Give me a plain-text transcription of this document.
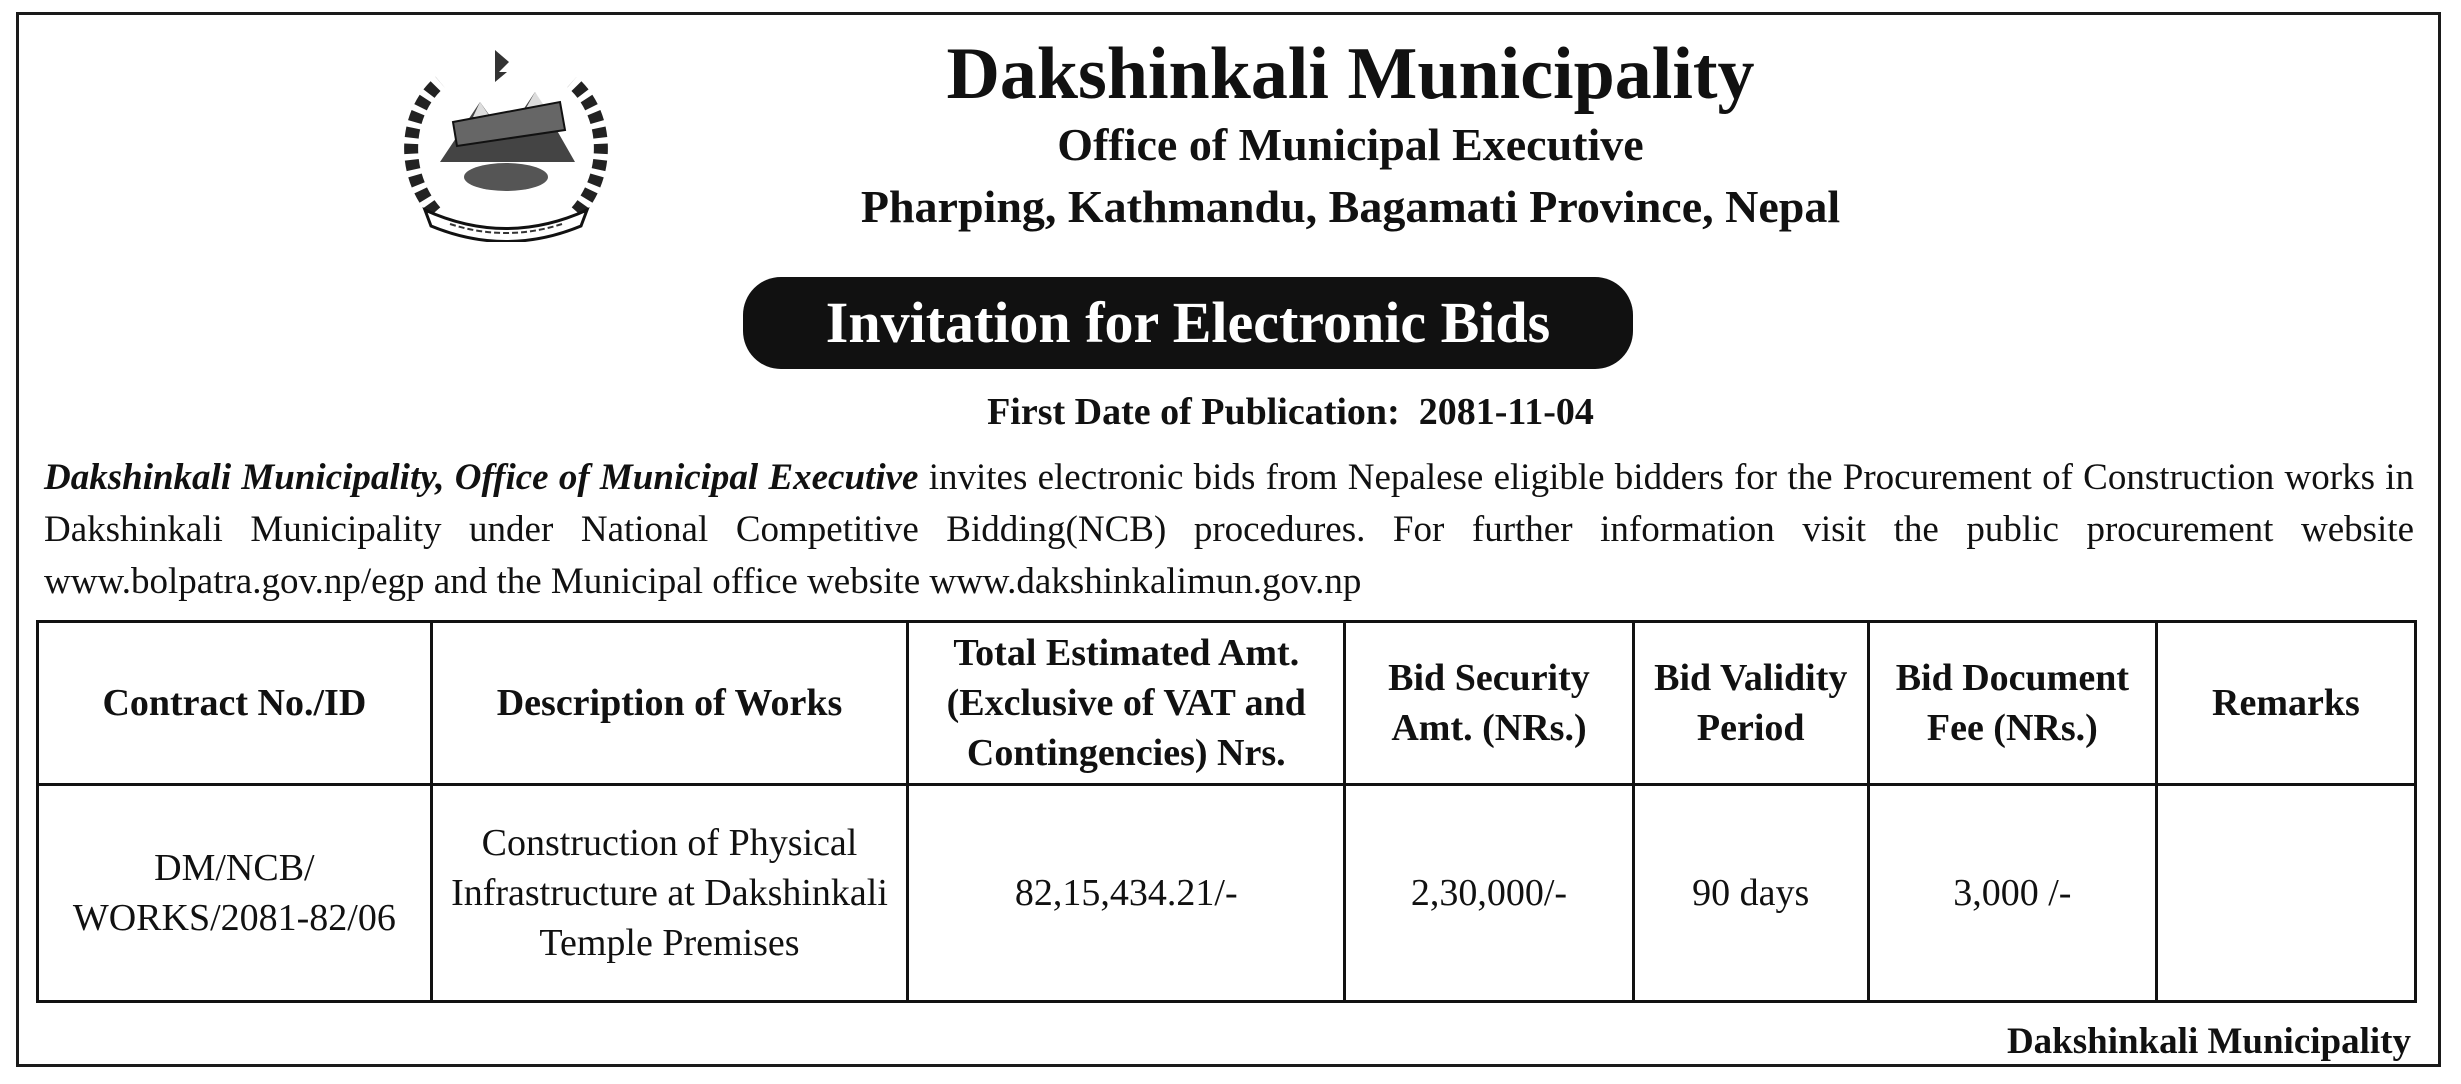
Dakshinkali Municipality
Office of Municipal Executive
Pharping, Kathmandu, Bagamati Province, Nepal
Invitation for Electronic Bids
First Date of Publication: 2081-11-04
Dakshinkali Municipality, Office of Municipal Executive invites electronic bids from Nepalese eligible bidders for the Procurement of Construction works in Dakshinkali Municipality under National Competitive Bidding(NCB) procedures. For further information visit the public procurement website www.bolpatra.gov.np/egp and the Municipal office website www.dakshinkalimun.gov.np
Contract No./ID	Description of Works	Total Estimated Amt. (Exclusive of VAT and Contingencies) Nrs.	Bid Security Amt. (NRs.)	Bid Validity Period	Bid Document Fee (NRs.)	Remarks
DM/NCB/ WORKS/2081-82/06	Construction of Physical Infrastructure at Dakshinkali Temple Premises	82,15,434.21/-	2,30,000/-	90 days	3,000 /-	
Dakshinkali Municipality
